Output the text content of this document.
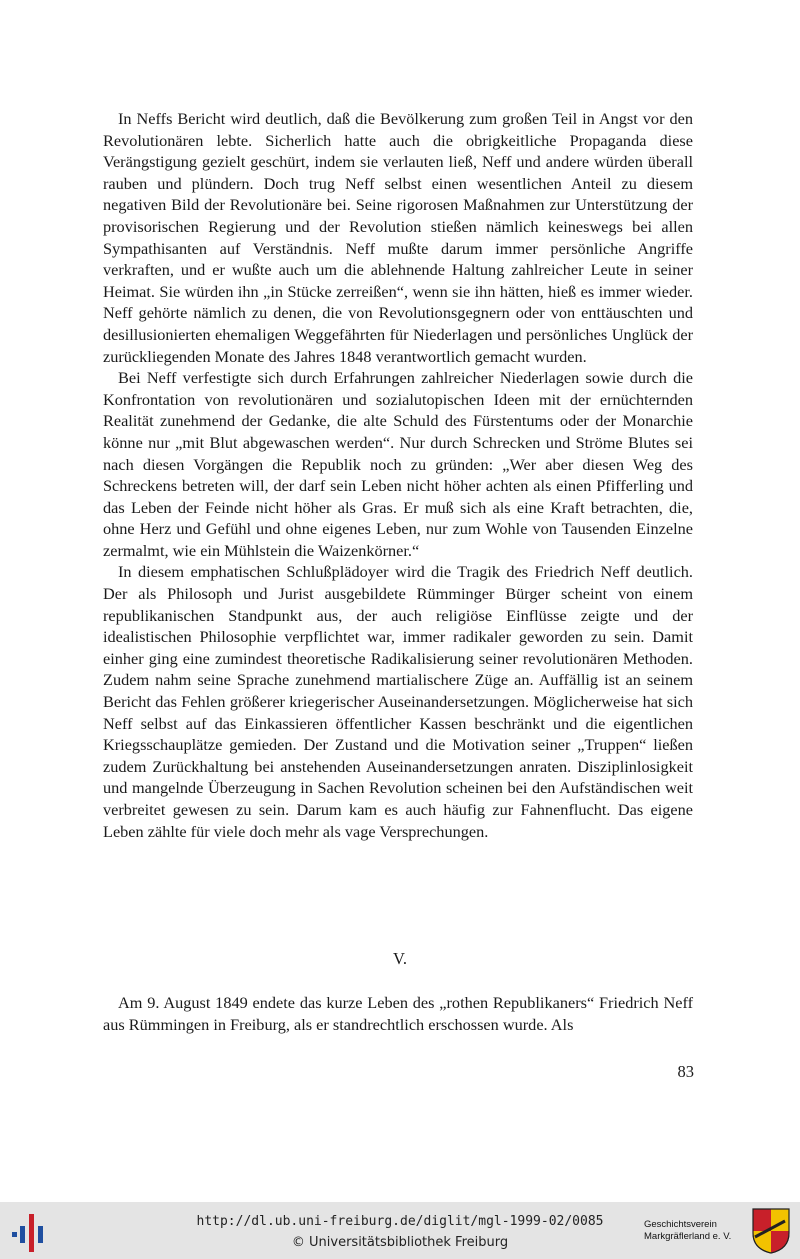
In Neffs Bericht wird deutlich, daß die Bevölkerung zum großen Teil in Angst vor den Revolutionären lebte. Sicherlich hatte auch die obrigkeitliche Propaganda diese Verängstigung gezielt geschürt, indem sie verlauten ließ, Neff und andere würden überall rauben und plündern. Doch trug Neff selbst einen wesentlichen Anteil zu diesem negativen Bild der Revolutionäre bei. Seine rigorosen Maßnahmen zur Unterstützung der provisorischen Regierung und der Revolution stießen nämlich keineswegs bei allen Sympathisanten auf Verständnis. Neff mußte darum immer persönliche Angriffe verkraften, und er wußte auch um die ablehnende Haltung zahlreicher Leute in seiner Heimat. Sie würden ihn „in Stücke zerreißen“, wenn sie ihn hätten, hieß es immer wieder. Neff gehörte nämlich zu denen, die von Revolutionsgegnern oder von enttäuschten und desillusionierten ehemaligen Weggefährten für Niederlagen und persönliches Unglück der zurückliegenden Monate des Jahres 1848 verantwortlich gemacht wurden.

Bei Neff verfestigte sich durch Erfahrungen zahlreicher Niederlagen sowie durch die Konfrontation von revolutionären und sozialutopischen Ideen mit der ernüchternden Realität zunehmend der Gedanke, die alte Schuld des Fürstentums oder der Monarchie könne nur „mit Blut abgewaschen werden“. Nur durch Schrecken und Ströme Blutes sei nach diesen Vorgängen die Republik noch zu gründen: „Wer aber diesen Weg des Schreckens betreten will, der darf sein Leben nicht höher achten als einen Pfifferling und das Leben der Feinde nicht höher als Gras. Er muß sich als eine Kraft betrachten, die, ohne Herz und Gefühl und ohne eigenes Leben, nur zum Wohle von Tausenden Einzelne zermalmt, wie ein Mühlstein die Waizenkörner.“

In diesem emphatischen Schlußplädoyer wird die Tragik des Friedrich Neff deutlich. Der als Philosoph und Jurist ausgebildete Rümminger Bürger scheint von einem republikanischen Standpunkt aus, der auch religiöse Einflüsse zeigte und der idealistischen Philosophie verpflichtet war, immer radikaler geworden zu sein. Damit einher ging eine zumindest theoretische Radikalisierung seiner revolutionären Methoden. Zudem nahm seine Sprache zunehmend martialischere Züge an. Auffällig ist an seinem Bericht das Fehlen größerer kriegerischer Auseinandersetzungen. Möglicherweise hat sich Neff selbst auf das Einkassieren öffentlicher Kassen beschränkt und die eigentlichen Kriegsschauplätze gemieden. Der Zustand und die Motivation seiner „Truppen“ ließen zudem Zurückhaltung bei anstehenden Auseinandersetzungen anraten. Disziplinlosigkeit und mangelnde Überzeugung in Sachen Revolution scheinen bei den Aufständischen weit verbreitet gewesen zu sein. Darum kam es auch häufig zur Fahnenflucht. Das eigene Leben zählte für viele doch mehr als vage Versprechungen.

V.

Am 9. August 1849 endete das kurze Leben des „rothen Republikaners“ Friedrich Neff aus Rümmingen in Freiburg, als er standrechtlich erschossen wurde. Als

83
http://dl.ub.uni-freiburg.de/diglit/mgl-1999-02/0085
© Universitätsbibliothek Freiburg
Geschichtsverein
Markgräflerland e. V.
